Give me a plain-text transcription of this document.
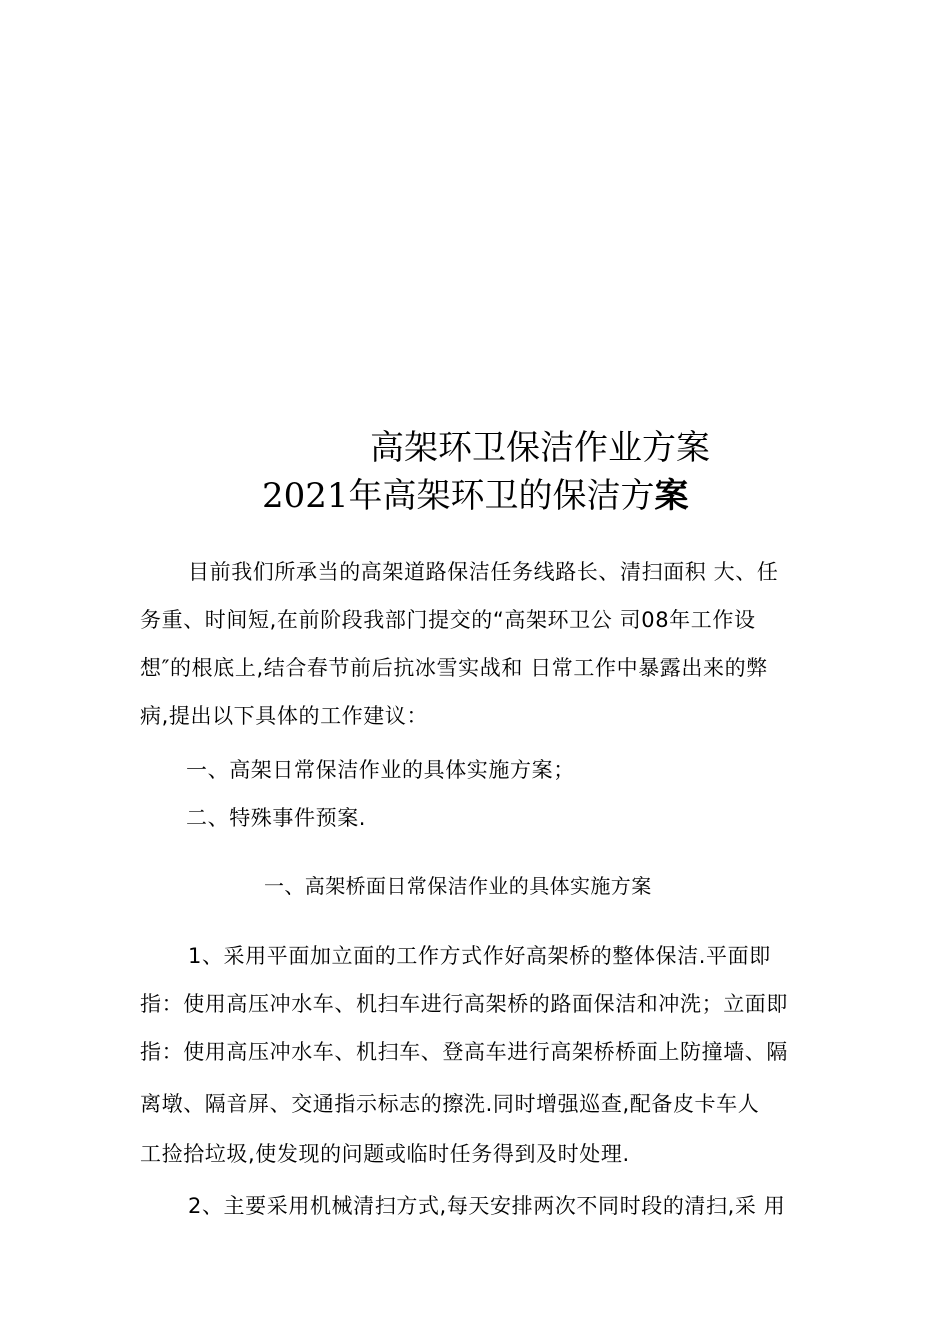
高架环卫保洁作业方案
2021年高架环卫的保洁方案

目前我们所承当的高架道路保洁任务线路长、清扫面积 大、任

务重、时间短,在前阶段我部门提交的“高架环卫公 司08年工作设

想″的根底上,结合春节前后抗冰雪实战和 日常工作中暴露出来的弊

病,提出以下具体的工作建议：

一、高架日常保洁作业的具体实施方案；

二、特殊事件预案.

一、高架桥面日常保洁作业的具体实施方案

1、采用平面加立面的工作方式作好高架桥的整体保洁.平面即

指：使用高压冲水车、机扫车进行高架桥的路面保洁和冲洗；立面即

指：使用高压冲水车、机扫车、登高车进行高架桥桥面上防撞墙、隔

离墩、隔音屏、交通指示标志的擦洗.同时增强巡查,配备皮卡车人

工捡拾垃圾,使发现的问题或临时任务得到及时处理.

2、主要采用机械清扫方式,每天安排两次不同时段的清扫,采 用
